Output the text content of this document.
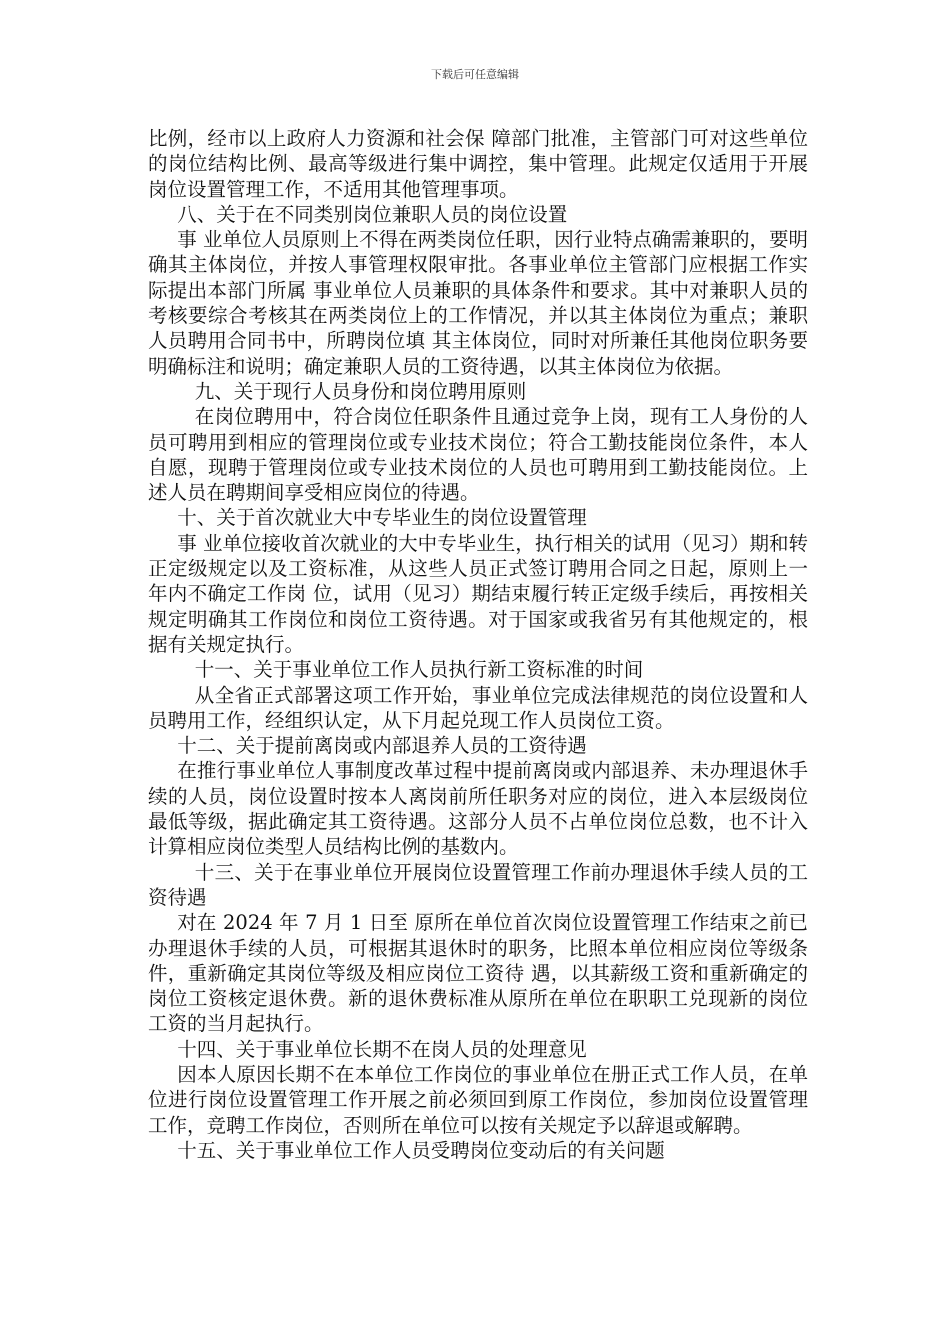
下载后可任意编辑

比例，经市以上政府人力资源和社会保 障部门批准，主管部门可对这些单位的岗位结构比例、最高等级进行集中调控，集中管理。此规定仅适用于开展岗位设置管理工作，不适用其他管理事项。

八、关于在不同类别岗位兼职人员的岗位设置

事 业单位人员原则上不得在两类岗位任职，因行业特点确需兼职的，要明确其主体岗位，并按人事管理权限审批。各事业单位主管部门应根据工作实际提出本部门所属 事业单位人员兼职的具体条件和要求。其中对兼职人员的考核要综合考核其在两类岗位上的工作情况，并以其主体岗位为重点；兼职人员聘用合同书中，所聘岗位填 其主体岗位，同时对所兼任其他岗位职务要明确标注和说明；确定兼职人员的工资待遇，以其主体岗位为依据。

九、关于现行人员身份和岗位聘用原则

在岗位聘用中，符合岗位任职条件且通过竞争上岗，现有工人身份的人员可聘用到相应的管理岗位或专业技术岗位；符合工勤技能岗位条件，本人自愿，现聘于管理岗位或专业技术岗位的人员也可聘用到工勤技能岗位。上述人员在聘期间享受相应岗位的待遇。

十、关于首次就业大中专毕业生的岗位设置管理

事 业单位接收首次就业的大中专毕业生，执行相关的试用（见习）期和转正定级规定以及工资标准，从这些人员正式签订聘用合同之日起，原则上一年内不确定工作岗 位，试用（见习）期结束履行转正定级手续后，再按相关规定明确其工作岗位和岗位工资待遇。对于国家或我省另有其他规定的，根据有关规定执行。

十一、关于事业单位工作人员执行新工资标准的时间

从全省正式部署这项工作开始，事业单位完成法律规范的岗位设置和人员聘用工作，经组织认定，从下月起兑现工作人员岗位工资。

十二、关于提前离岗或内部退养人员的工资待遇

在推行事业单位人事制度改革过程中提前离岗或内部退养、未办理退休手续的人员，岗位设置时按本人离岗前所任职务对应的岗位，进入本层级岗位最低等级，据此确定其工资待遇。这部分人员不占单位岗位总数，也不计入计算相应岗位类型人员结构比例的基数内。

十三、关于在事业单位开展岗位设置管理工作前办理退休手续人员的工资待遇

对在 2024 年 7 月 1 日至 原所在单位首次岗位设置管理工作结束之前已办理退休手续的人员，可根据其退休时的职务，比照本单位相应岗位等级条件，重新确定其岗位等级及相应岗位工资待 遇，以其薪级工资和重新确定的岗位工资核定退休费。新的退休费标准从原所在单位在职职工兑现新的岗位工资的当月起执行。

十四、关于事业单位长期不在岗人员的处理意见

因本人原因长期不在本单位工作岗位的事业单位在册正式工作人员，在单位进行岗位设置管理工作开展之前必须回到原工作岗位，参加岗位设置管理工作，竞聘工作岗位，否则所在单位可以按有关规定予以辞退或解聘。

十五、关于事业单位工作人员受聘岗位变动后的有关问题
